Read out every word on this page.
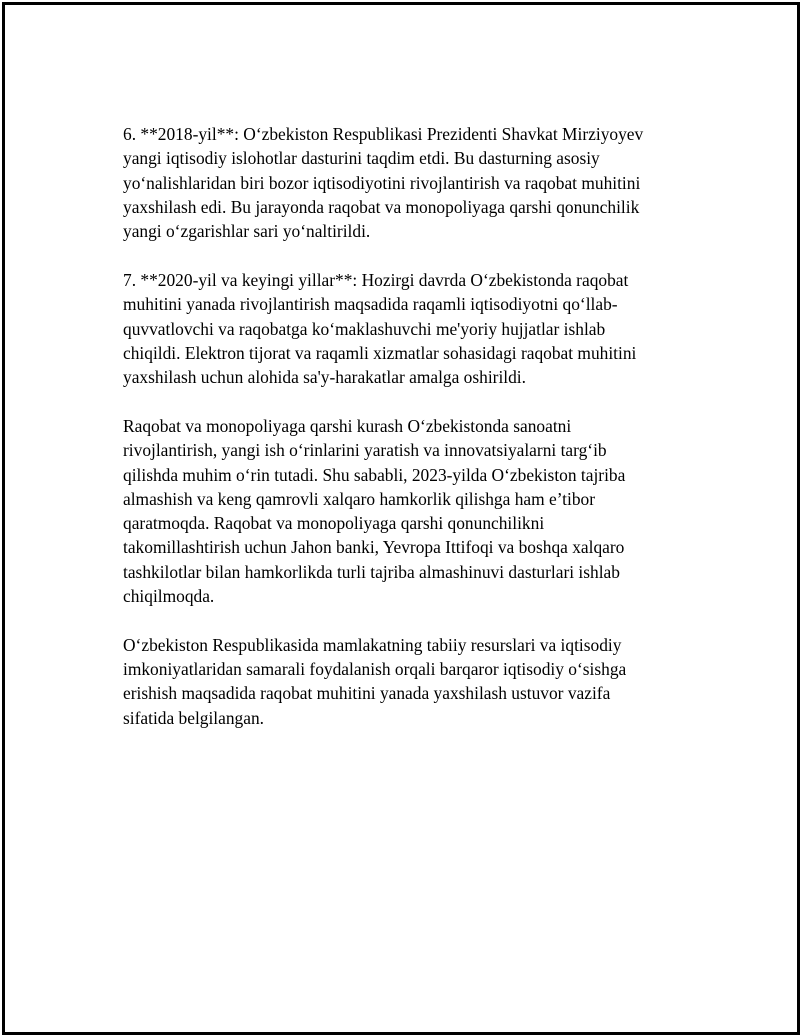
6. **2018-yil**: O‘zbekiston Respublikasi Prezidenti Shavkat Mirziyoyev
yangi iqtisodiy islohotlar dasturini taqdim etdi. Bu dasturning asosiy
yo‘nalishlaridan biri bozor iqtisodiyotini rivojlantirish va raqobat muhitini
yaxshilash edi. Bu jarayonda raqobat va monopoliyaga qarshi qonunchilik
yangi o‘zgarishlar sari yo‘naltirildi.

7. **2020-yil va keyingi yillar**: Hozirgi davrda O‘zbekistonda raqobat
muhitini yanada rivojlantirish maqsadida raqamli iqtisodiyotni qo‘llab-
quvvatlovchi va raqobatga ko‘maklashuvchi me'yoriy hujjatlar ishlab
chiqildi. Elektron tijorat va raqamli xizmatlar sohasidagi raqobat muhitini
yaxshilash uchun alohida sa'y-harakatlar amalga oshirildi.

Raqobat va monopoliyaga qarshi kurash O‘zbekistonda sanoatni
rivojlantirish, yangi ish o‘rinlarini yaratish va innovatsiyalarni targ‘ib
qilishda muhim o‘rin tutadi. Shu sababli, 2023-yilda O‘zbekiston tajriba
almashish va keng qamrovli xalqaro hamkorlik qilishga ham e’tibor
qaratmoqda. Raqobat va monopoliyaga qarshi qonunchilikni
takomillashtirish uchun Jahon banki, Yevropa Ittifoqi va boshqa xalqaro
tashkilotlar bilan hamkorlikda turli tajriba almashinuvi dasturlari ishlab
chiqilmoqda.

O‘zbekiston Respublikasida mamlakatning tabiiy resurslari va iqtisodiy
imkoniyatlaridan samarali foydalanish orqali barqaror iqtisodiy o‘sishga
erishish maqsadida raqobat muhitini yanada yaxshilash ustuvor vazifa
sifatida belgilangan.
